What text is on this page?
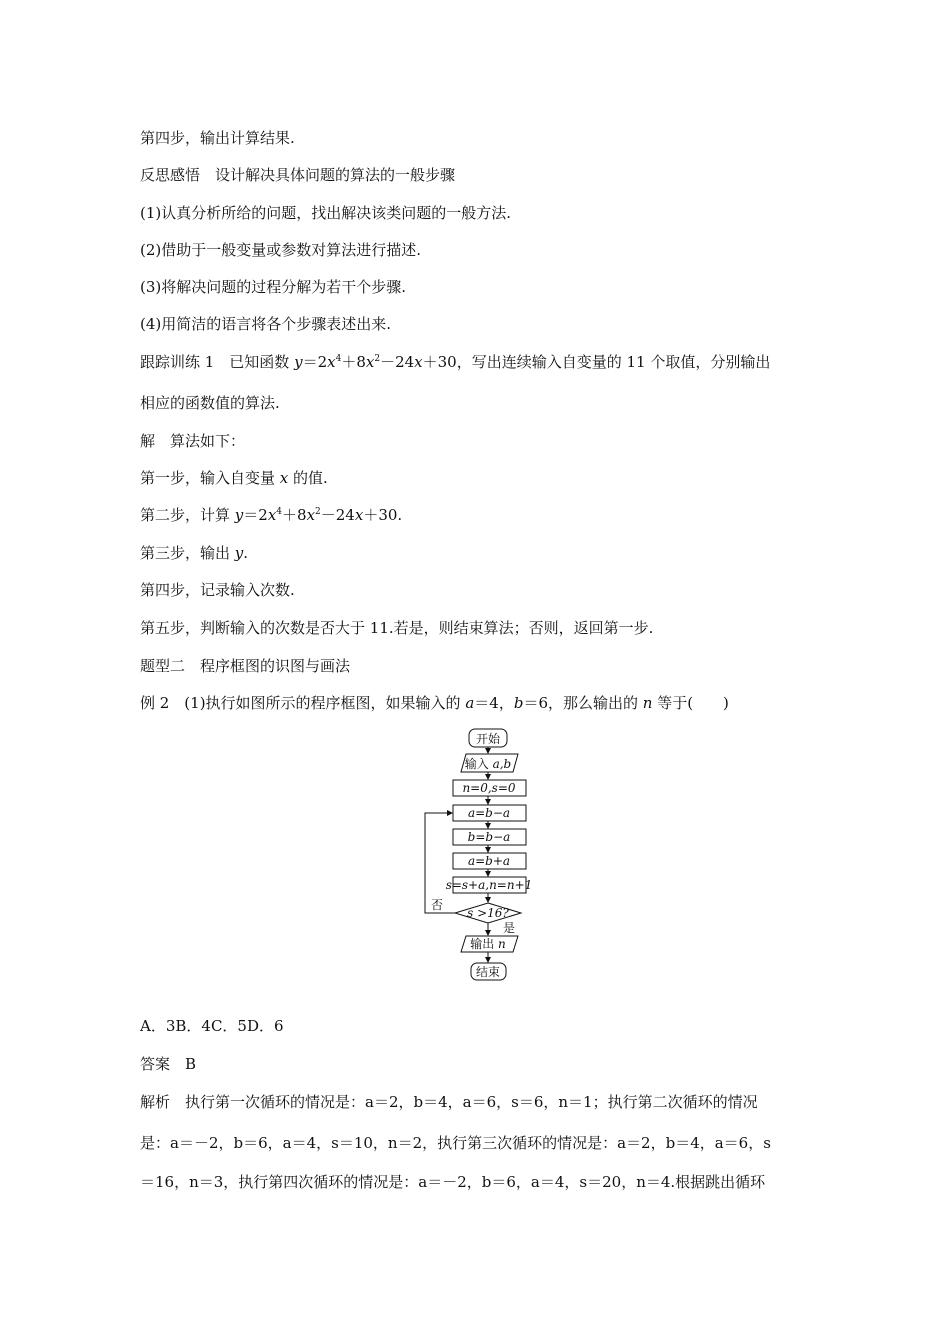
第四步，输出计算结果.
反思感悟　设计解决具体问题的算法的一般步骤
(1)认真分析所给的问题，找出解决该类问题的一般方法.
(2)借助于一般变量或参数对算法进行描述.
(3)将解决问题的过程分解为若干个步骤.
(4)用简洁的语言将各个步骤表述出来.
跟踪训练 1　已知函数 $y=2x^4+8x^2-24x+30$，写出连续输入自变量的 11 个取值，分别输出
相应的函数值的算法.
解　算法如下：
第一步，输入自变量 x 的值.
第二步，计算 $y=2x^4+8x^2-24x+30$.
第三步，输出 y.
第四步，记录输入次数.
第五步，判断输入的次数是否大于 11.若是，则结束算法；否则，返回第一步.
题型二　程序框图的识图与画法
例 2　(1)执行如图所示的程序框图，如果输入的 a＝4，b＝6，那么输出的 n 等于(　　)
开始
输入 a,b
n=0,s=0
a=b−a
b=b−a
a=b+a
s=s+a,n=n+1
s >16?
否
是
输出 n
结束
A．3B．4C．5D．6
答案　B
解析　执行第一次循环的情况是：a＝2，b＝4，a＝6，s＝6，n＝1；执行第二次循环的情况
是：a＝－2，b＝6，a＝4，s＝10，n＝2，执行第三次循环的情况是：a＝2，b＝4，a＝6，s
＝16，n＝3，执行第四次循环的情况是：a＝－2，b＝6，a＝4，s＝20，n＝4.根据跳出循环
